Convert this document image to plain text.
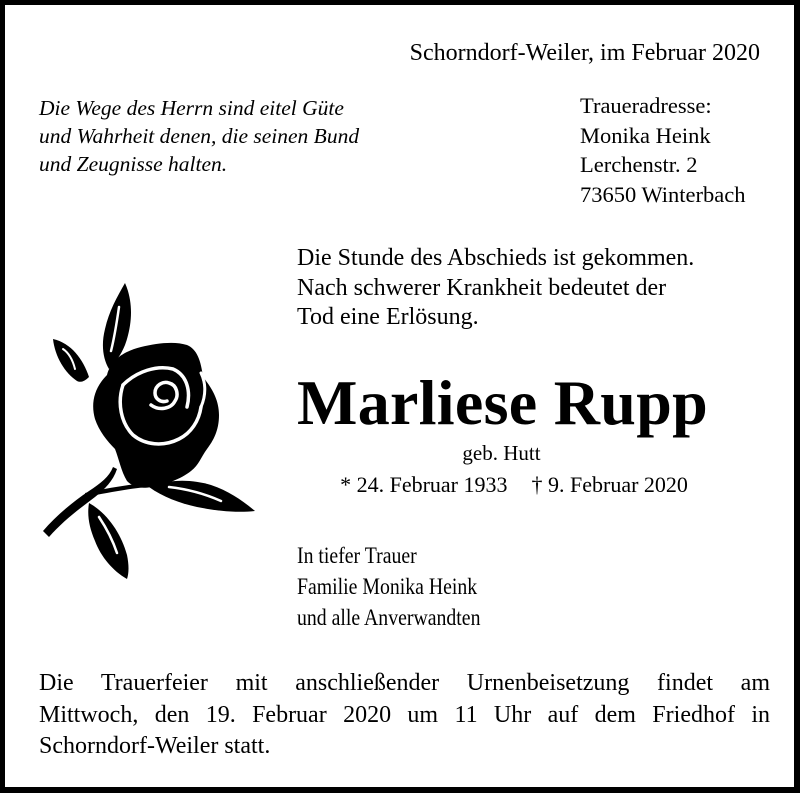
Schorndorf-Weiler, im Februar 2020
Die Wege des Herrn sind eitel Güte
und Wahrheit denen, die seinen Bund
und Zeugnisse halten.
Traueradresse:
Monika Heink
Lerchenstr. 2
73650 Winterbach
Die Stunde des Abschieds ist gekommen.
Nach schwerer Krankheit bedeutet der
Tod eine Erlösung.
Marliese Rupp
geb. Hutt
* 24. Februar 1933 † 9. Februar 2020
In tiefer Trauer
Familie Monika Heink
und alle Anverwandten
Die Trauerfeier mit anschließender Urnenbeisetzung findet am
Mittwoch, den 19. Februar 2020 um 11 Uhr auf dem Friedhof in
Schorndorf-Weiler statt.
